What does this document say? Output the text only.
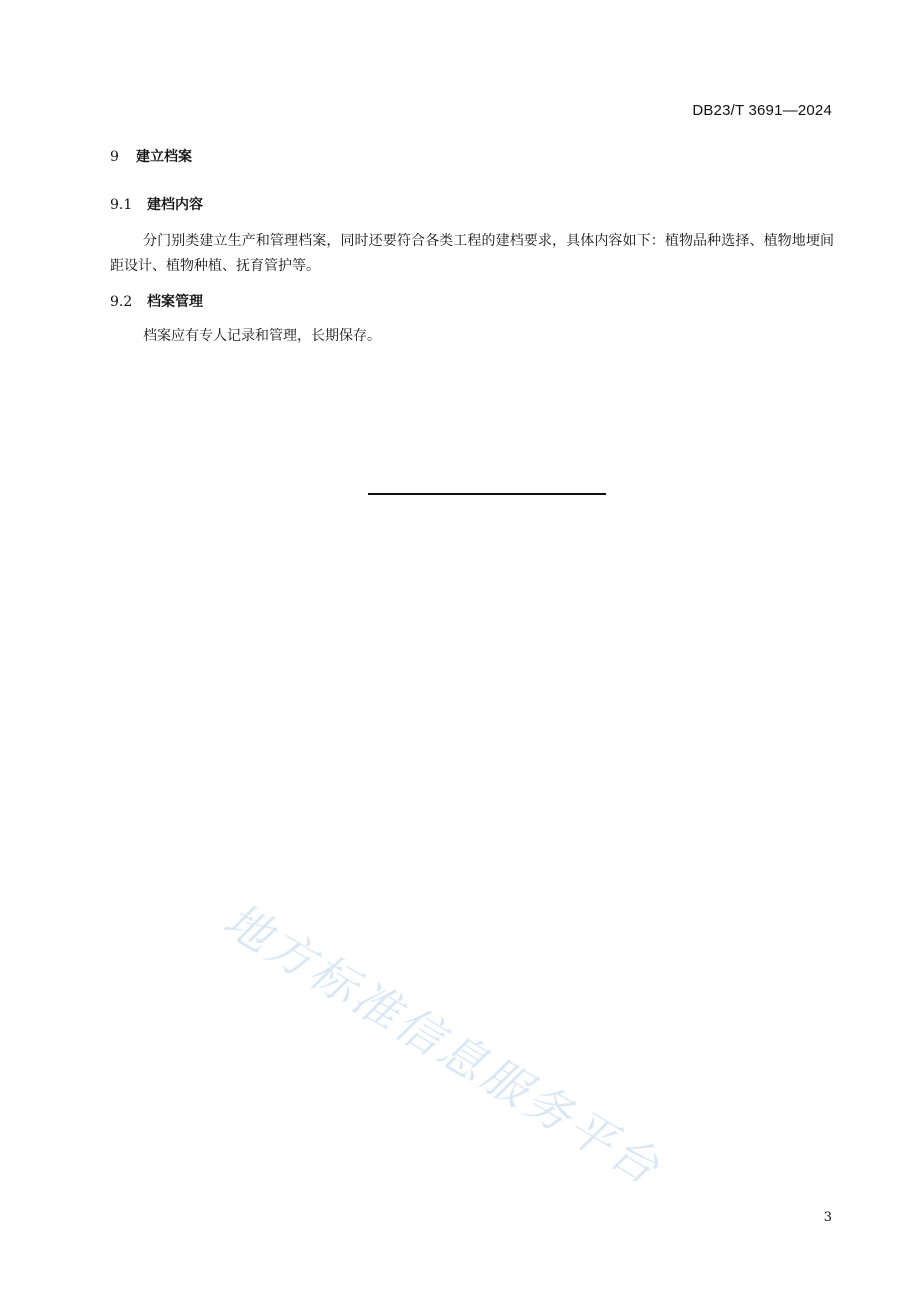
DB23/T 3691—2024
9 建立档案
9.1 建档内容
分门别类建立生产和管理档案，同时还要符合各类工程的建档要求，具体内容如下：植物品种选择、植物地埂间距设计、植物种植、抚育管护等。
9.2 档案管理
档案应有专人记录和管理，长期保存。
地方标准信息服务平台
3
